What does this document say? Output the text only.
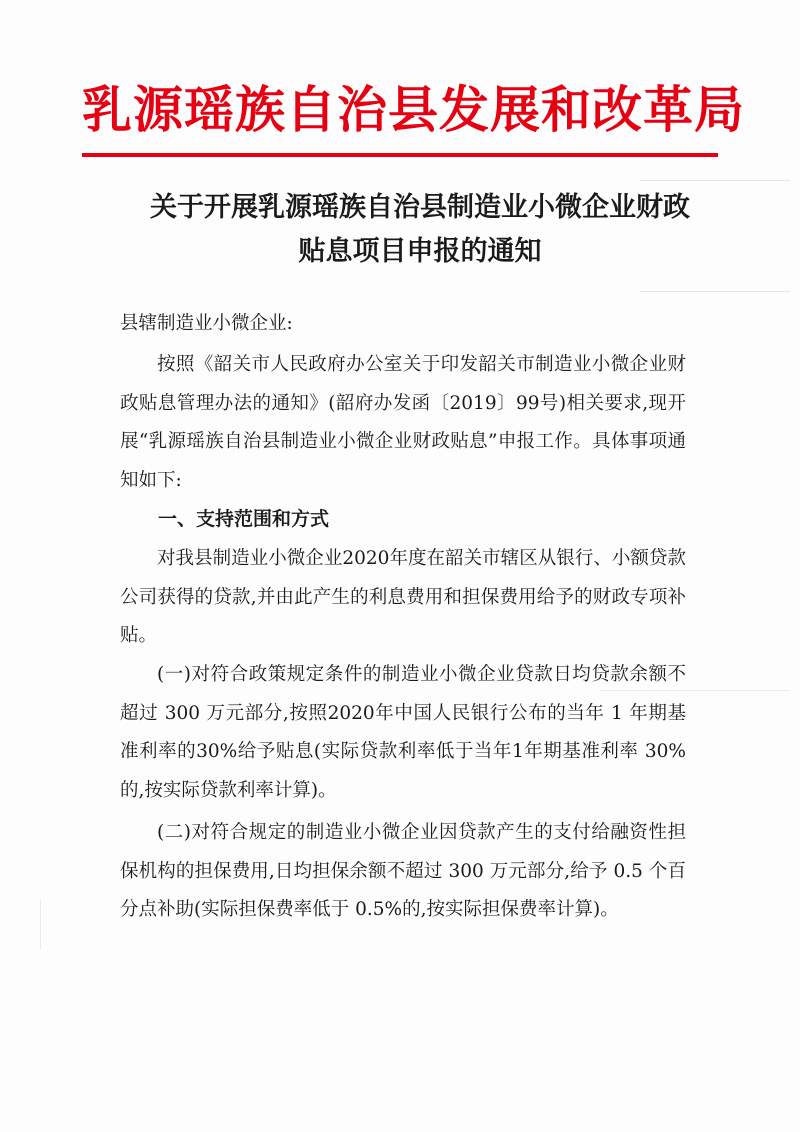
乳源瑶族自治县发展和改革局
关于开展乳源瑶族自治县制造业小微企业财政
贴息项目申报的通知
县辖制造业小微企业:
按照《韶关市人民政府办公室关于印发韶关市制造业小微企业财政贴息管理办法的通知》(韶府办发函〔2019〕99号)相关要求,现开展“乳源瑶族自治县制造业小微企业财政贴息”申报工作。具体事项通知如下:
一、支持范围和方式
对我县制造业小微企业2020年度在韶关市辖区从银行、小额贷款公司获得的贷款,并由此产生的利息费用和担保费用给予的财政专项补贴。
(一)对符合政策规定条件的制造业小微企业贷款日均贷款余额不超过 300 万元部分,按照2020年中国人民银行公布的当年 1 年期基准利率的30%给予贴息(实际贷款利率低于当年1年期基准利率 30%的,按实际贷款利率计算)。
(二)对符合规定的制造业小微企业因贷款产生的支付给融资性担保机构的担保费用,日均担保余额不超过 300 万元部分,给予 0.5 个百分点补助(实际担保费率低于 0.5%的,按实际担保费率计算)。
